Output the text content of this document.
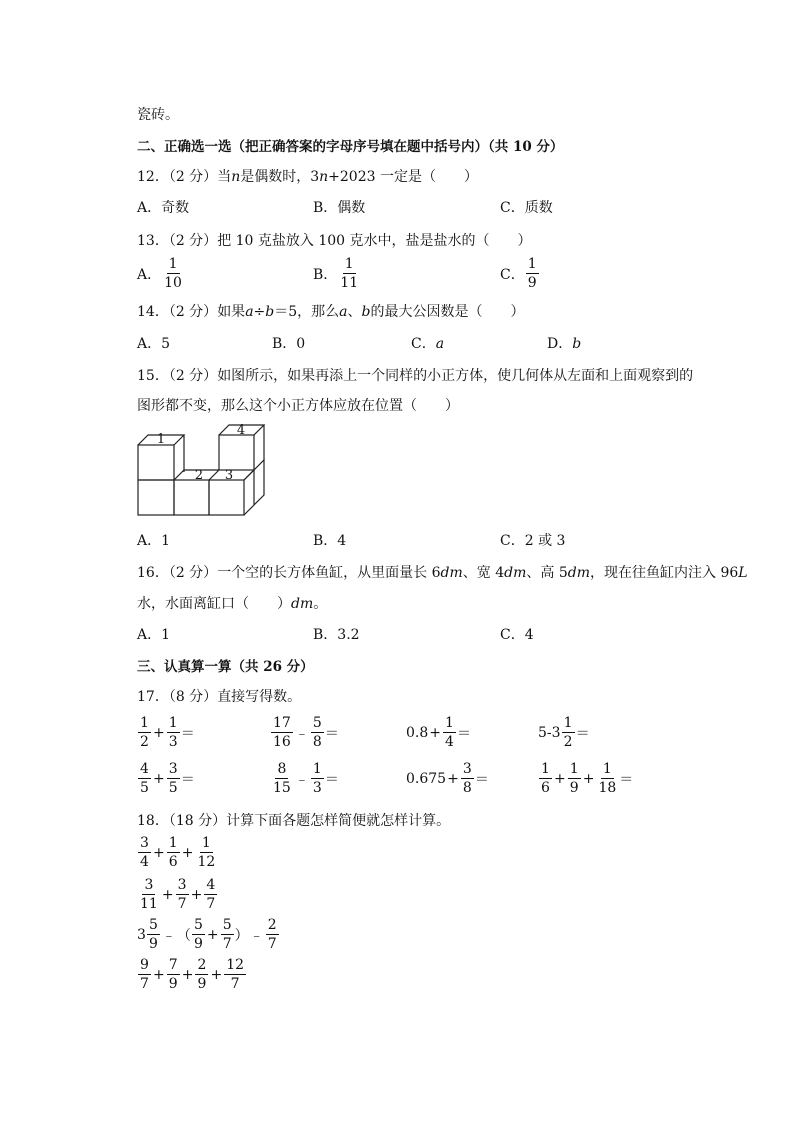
瓷砖。
二、正确选一选（把正确答案的字母序号填在题中括号内）（共 10 分）
12．（2 分）当n是偶数时，3n+2023 一定是（　　）
A．奇数	B．偶数	C．质数
13．（2 分）把 10 克盐放入 100 克水中，盐是盐水的（　　）
A． $\frac{1}{10}$	B． $\frac{1}{11}$	C． $\frac{1}{9}$
14．（2 分）如果a÷b＝5，那么a、b的最大公因数是（　　）
A．5	B．0	C．a	D．b
15．（2 分）如图所示，如果再添上一个同样的小正方体，使几何体从左面和上面观察到的
图形都不变，那么这个小正方体应放在位置（　　）
1
2 3
4
A．1	B．4	C．2 或 3
16．（2 分）一个空的长方体鱼缸，从里面量长 6dm、宽 4dm、高 5dm，现在往鱼缸内注入 96L
水，水面离缸口（　　）dm。
A．1	B．3.2	C．4
三、认真算一算（共 26 分）
17．（8 分）直接写得数。
$\frac{1}{2} + \frac{1}{3}$ ＝	$\frac{17}{16}$ ﹣ $\frac{5}{8}$ ＝	$0.8 + \frac{1}{4}$ ＝	$5 - 3 \frac{1}{2}$ ＝
$\frac{4}{5} + \frac{3}{5}$ ＝	$\frac{8}{15}$ ﹣ $\frac{1}{3}$ ＝	$0.675 + \frac{3}{8}$ ＝	$\frac{1}{6} + \frac{1}{9} + \frac{1}{18}$ ＝
18．（18 分）计算下面各题怎样简便就怎样计算。
$\frac{3}{4} + \frac{1}{6} + \frac{1}{12}$
$\frac{3}{11} + \frac{3}{7} + \frac{4}{7}$
$3 \frac{5}{9}$ ﹣ （ $\frac{5}{9} + \frac{5}{7}$ ） ﹣ $\frac{2}{7}$
$\frac{9}{7} + \frac{7}{9} + \frac{2}{9} + \frac{12}{7}$
